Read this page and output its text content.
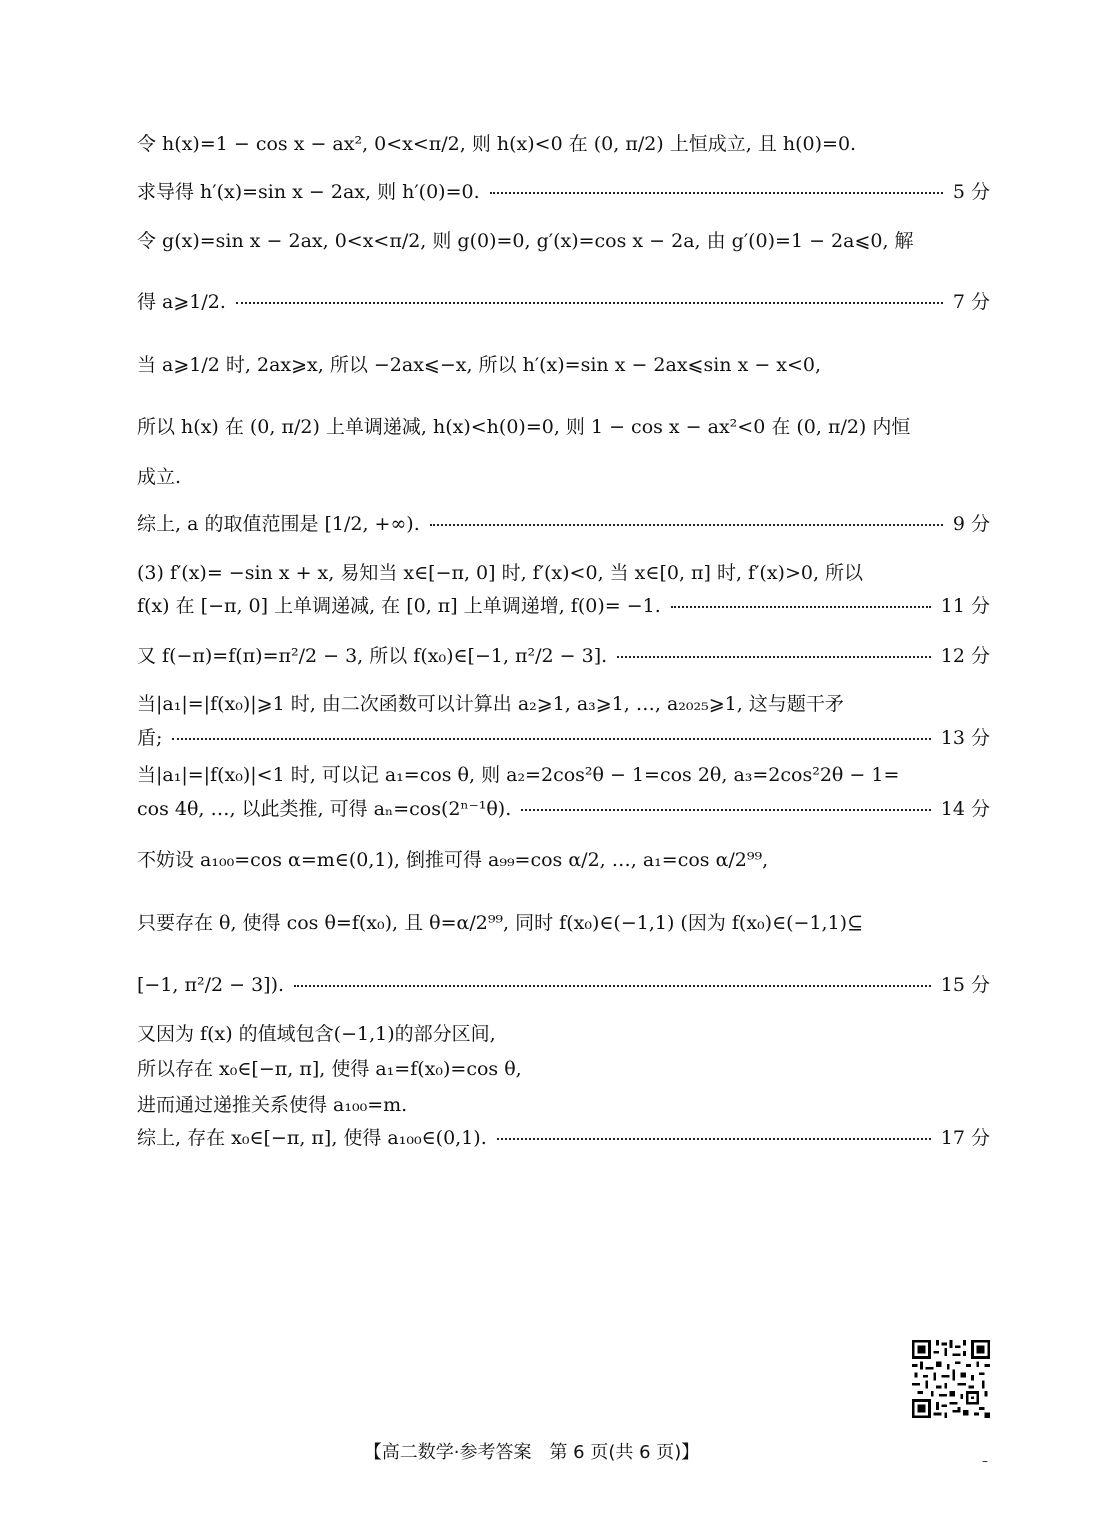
令 h(x)=1 − cos x − ax², 0<x<π/2, 则 h(x)<0 在 (0, π/2) 上恒成立, 且 h(0)=0.
求导得 h′(x)=sin x − 2ax, 则 h′(0)=0.	5 分
令 g(x)=sin x − 2ax, 0<x<π/2, 则 g(0)=0, g′(x)=cos x − 2a, 由 g′(0)=1 − 2a⩽0, 解
得 a⩾1/2.	7 分
当 a⩾1/2 时, 2ax⩾x, 所以 −2ax⩽−x, 所以 h′(x)=sin x − 2ax⩽sin x − x<0,
所以 h(x) 在 (0, π/2) 上单调递减, h(x)<h(0)=0, 则 1 − cos x − ax²<0 在 (0, π/2) 内恒
成立.
综上, a 的取值范围是 [1/2, +∞).	9 分
(3) f′(x)= −sin x + x, 易知当 x∈[−π, 0] 时, f′(x)<0, 当 x∈[0, π] 时, f′(x)>0, 所以
f(x) 在 [−π, 0] 上单调递减, 在 [0, π] 上单调递增, f(0)= −1.	11 分
又 f(−π)=f(π)=π²/2 − 3, 所以 f(x₀)∈[−1, π²/2 − 3].	12 分
当|a₁|=|f(x₀)|⩾1 时, 由二次函数可以计算出 a₂⩾1, a₃⩾1, …, a₂₀₂₅⩾1, 这与题干矛
盾;	13 分
当|a₁|=|f(x₀)|<1 时, 可以记 a₁=cos θ, 则 a₂=2cos²θ − 1=cos 2θ, a₃=2cos²2θ − 1=
cos 4θ, …, 以此类推, 可得 aₙ=cos(2ⁿ⁻¹θ).	14 分
不妨设 a₁₀₀=cos α=m∈(0,1), 倒推可得 a₉₉=cos α/2, …, a₁=cos α/2⁹⁹,
只要存在 θ, 使得 cos θ=f(x₀), 且 θ=α/2⁹⁹, 同时 f(x₀)∈(−1,1) (因为 f(x₀)∈(−1,1)⊆
[−1, π²/2 − 3]).	15 分
又因为 f(x) 的值域包含(−1,1)的部分区间,
所以存在 x₀∈[−π, π], 使得 a₁=f(x₀)=cos θ,
进而通过递推关系使得 a₁₀₀=m.
综上, 存在 x₀∈[−π, π], 使得 a₁₀₀∈(0,1).	17 分
【高二数学·参考答案　第 6 页(共 6 页)】	–
